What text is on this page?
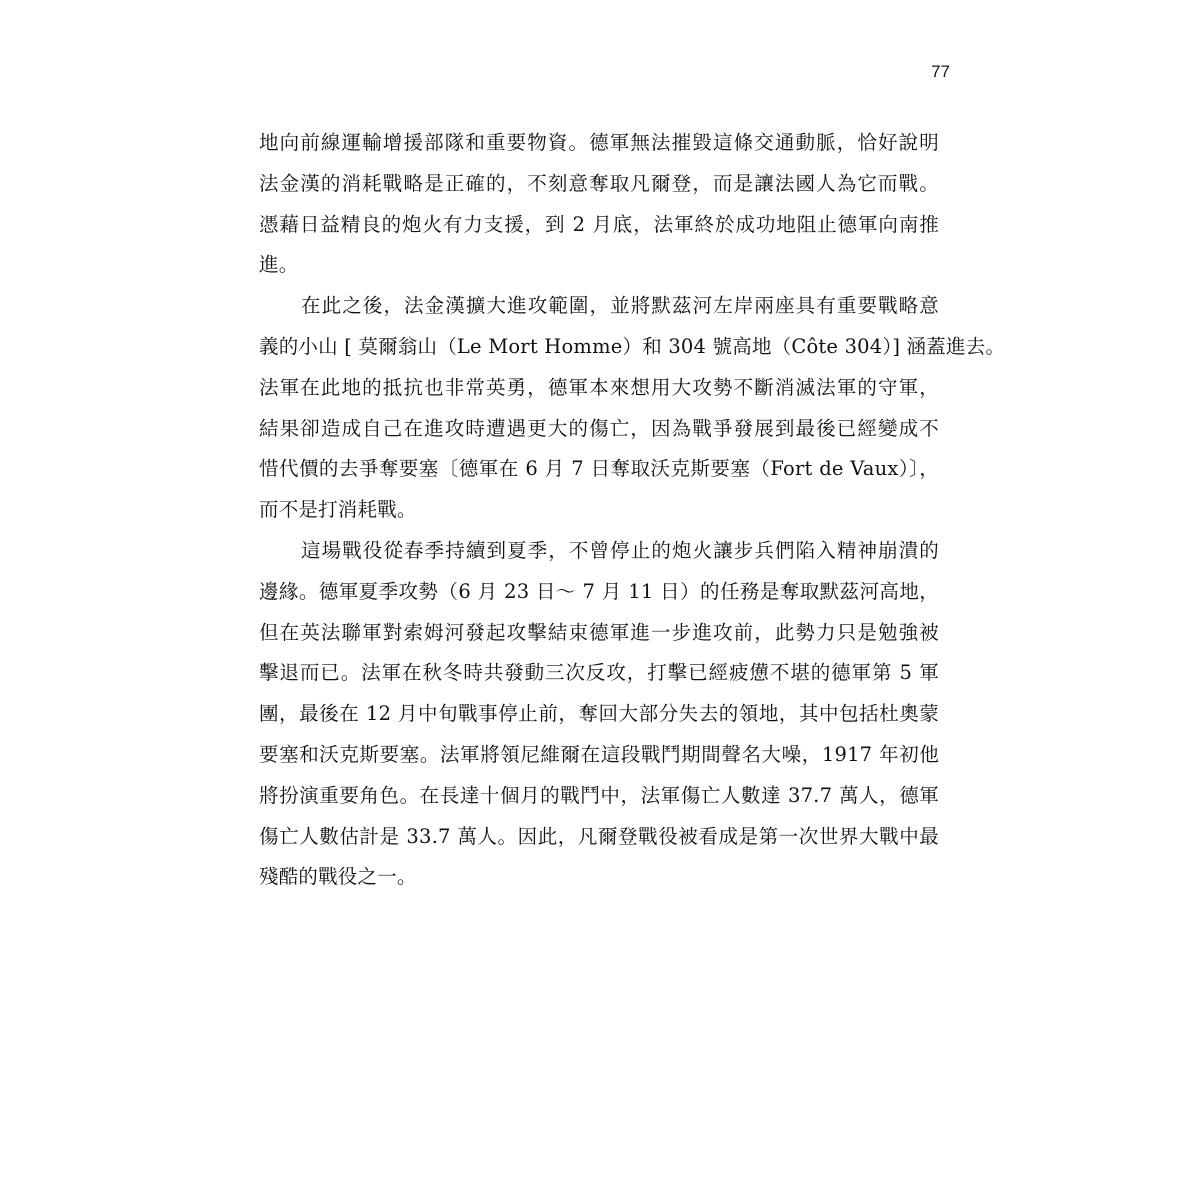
77
地向前線運輸增援部隊和重要物資。德軍無法摧毀這條交通動脈，恰好說明
法金漢的消耗戰略是正確的，不刻意奪取凡爾登，而是讓法國人為它而戰。
憑藉日益精良的炮火有力支援，到 2 月底，法軍終於成功地阻止德軍向南推
進。
在此之後，法金漢擴大進攻範圍，並將默茲河左岸兩座具有重要戰略意
義的小山 [ 莫爾翁山（Le Mort Homme）和 304 號高地（Côte 304）] 涵蓋進去。
法軍在此地的抵抗也非常英勇，德軍本來想用大攻勢不斷消滅法軍的守軍，
結果卻造成自己在進攻時遭遇更大的傷亡，因為戰爭發展到最後已經變成不
惜代價的去爭奪要塞〔德軍在 6 月 7 日奪取沃克斯要塞（Fort de Vaux）〕，
而不是打消耗戰。
這場戰役從春季持續到夏季，不曾停止的炮火讓步兵們陷入精神崩潰的
邊緣。德軍夏季攻勢（6 月 23 日～ 7 月 11 日）的任務是奪取默茲河高地，
但在英法聯軍對索姆河發起攻擊結束德軍進一步進攻前，此勢力只是勉強被
擊退而已。法軍在秋冬時共發動三次反攻，打擊已經疲憊不堪的德軍第 5 軍
團，最後在 12 月中旬戰事停止前，奪回大部分失去的領地，其中包括杜奧蒙
要塞和沃克斯要塞。法軍將領尼維爾在這段戰鬥期間聲名大噪，1917 年初他
將扮演重要角色。在長達十個月的戰鬥中，法軍傷亡人數達 37.7 萬人，德軍
傷亡人數估計是 33.7 萬人。因此，凡爾登戰役被看成是第一次世界大戰中最
殘酷的戰役之一。
